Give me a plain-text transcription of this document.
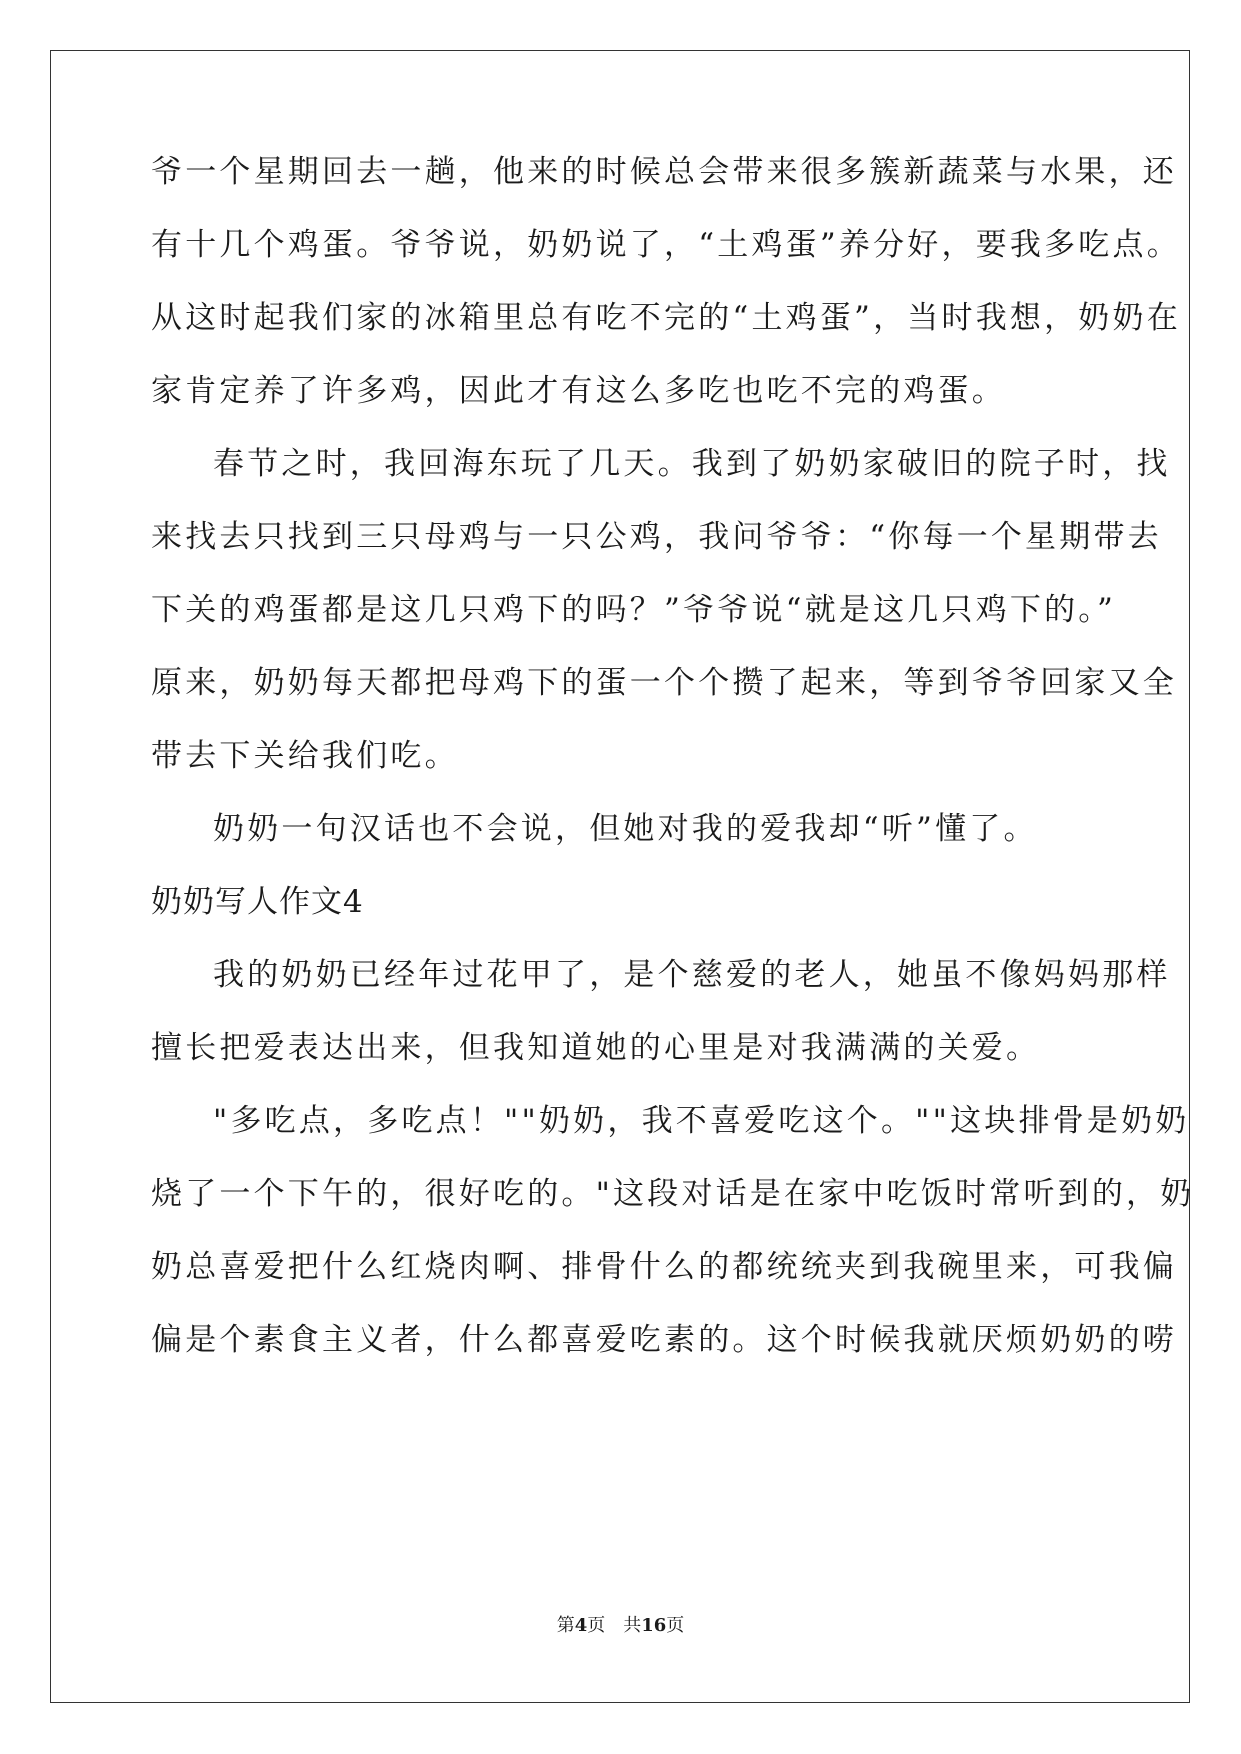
爷一个星期回去一趟，他来的时候总会带来很多簇新蔬菜与水果，还
有十几个鸡蛋。爷爷说，奶奶说了，“土鸡蛋”养分好，要我多吃点。
从这时起我们家的冰箱里总有吃不完的“土鸡蛋”，当时我想，奶奶在
家肯定养了许多鸡，因此才有这么多吃也吃不完的鸡蛋。
春节之时，我回海东玩了几天。我到了奶奶家破旧的院子时，找
来找去只找到三只母鸡与一只公鸡，我问爷爷：“你每一个星期带去
下关的鸡蛋都是这几只鸡下的吗？”爷爷说“就是这几只鸡下的。”
原来，奶奶每天都把母鸡下的蛋一个个攒了起来，等到爷爷回家又全
带去下关给我们吃。
奶奶一句汉话也不会说，但她对我的爱我却“听”懂了。
奶奶写人作文4
我的奶奶已经年过花甲了，是个慈爱的老人，她虽不像妈妈那样
擅长把爱表达出来，但我知道她的心里是对我满满的关爱。
"多吃点，多吃点！""奶奶，我不喜爱吃这个。""这块排骨是奶奶
烧了一个下午的，很好吃的。"这段对话是在家中吃饭时常听到的，奶
奶总喜爱把什么红烧肉啊、排骨什么的都统统夹到我碗里来，可我偏
偏是个素食主义者，什么都喜爱吃素的。这个时候我就厌烦奶奶的唠
第4页　共16页
